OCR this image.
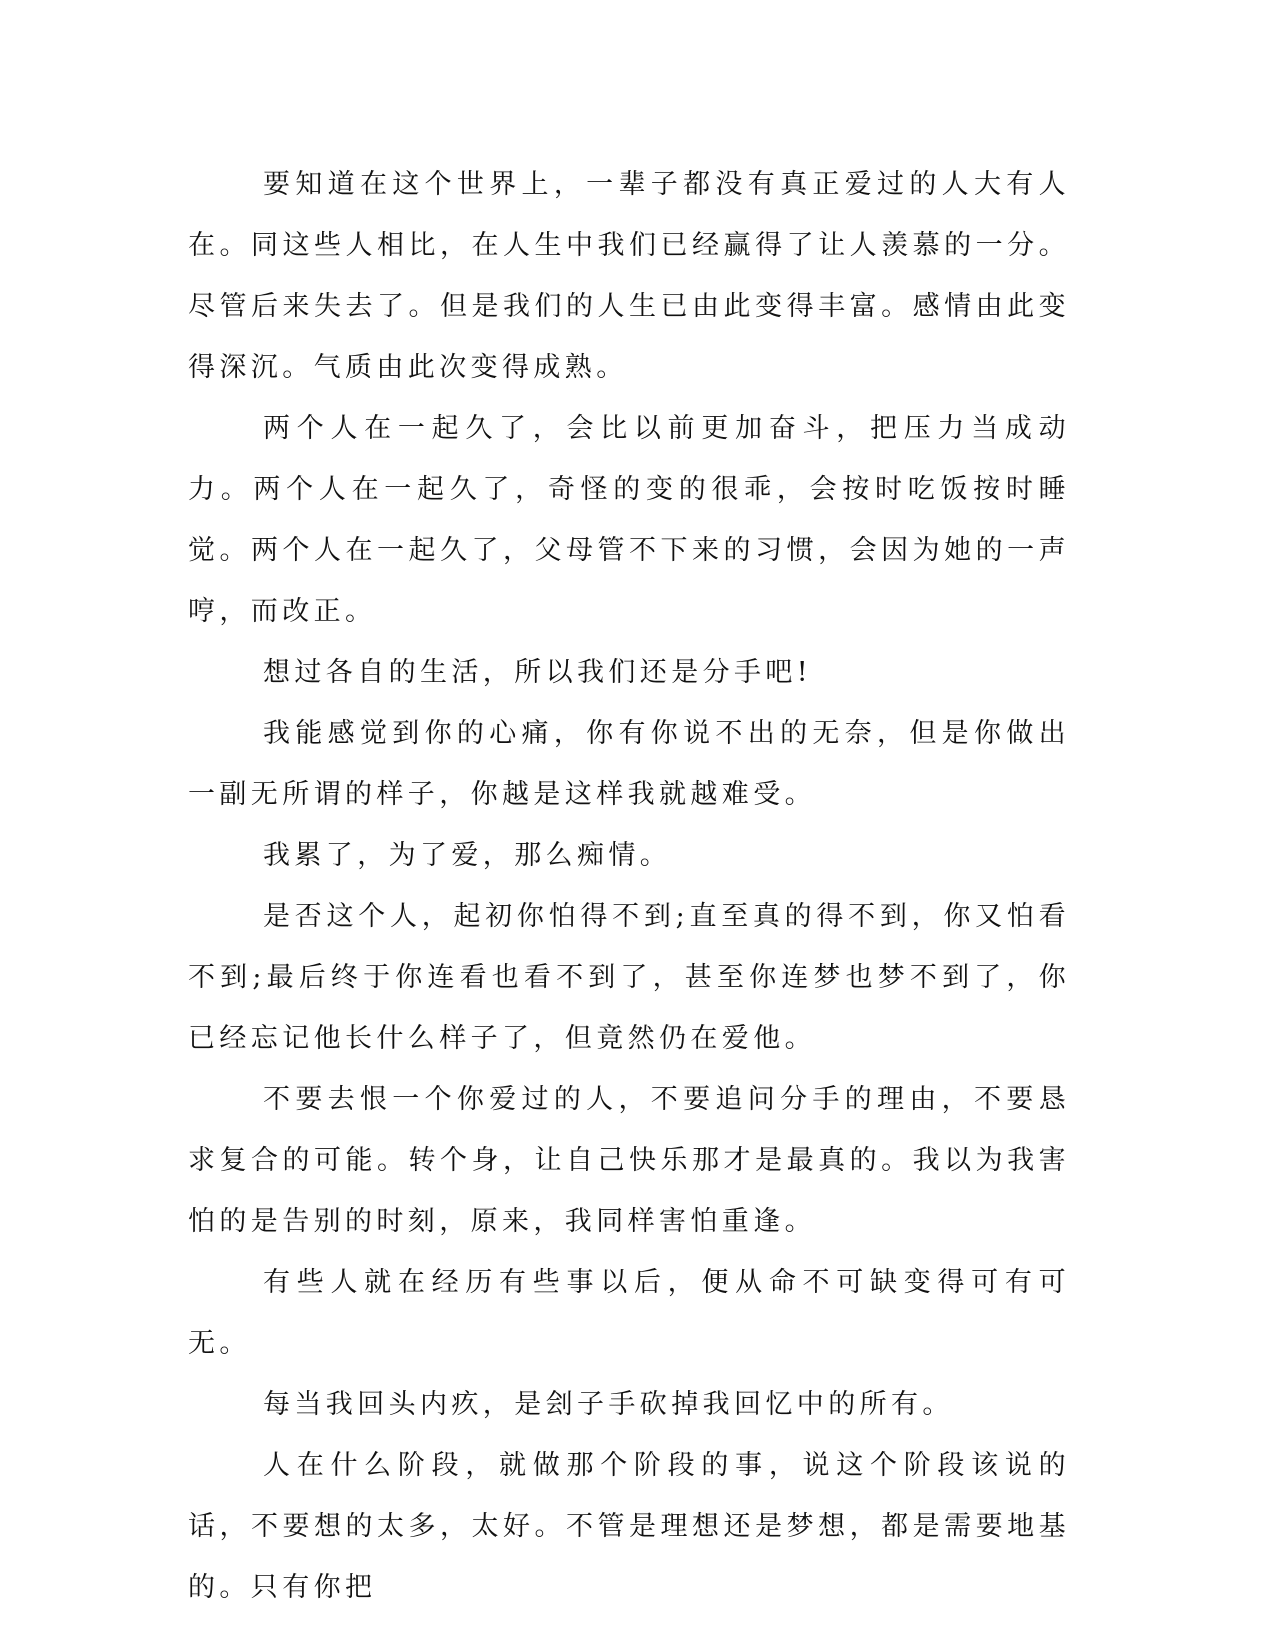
要知道在这个世界上，一辈子都没有真正爱过的人大有人在。同这些人相比，在人生中我们已经赢得了让人羡慕的一分。尽管后来失去了。但是我们的人生已由此变得丰富。感情由此变得深沉。气质由此次变得成熟。

两个人在一起久了，会比以前更加奋斗，把压力当成动力。两个人在一起久了，奇怪的变的很乖，会按时吃饭按时睡觉。两个人在一起久了，父母管不下来的习惯，会因为她的一声哼，而改正。

想过各自的生活，所以我们还是分手吧!

我能感觉到你的心痛，你有你说不出的无奈，但是你做出一副无所谓的样子，你越是这样我就越难受。

我累了，为了爱，那么痴情。

是否这个人，起初你怕得不到;直至真的得不到，你又怕看不到;最后终于你连看也看不到了，甚至你连梦也梦不到了，你已经忘记他长什么样子了，但竟然仍在爱他。

不要去恨一个你爱过的人，不要追问分手的理由，不要恳求复合的可能。转个身，让自己快乐那才是最真的。我以为我害怕的是告别的时刻，原来，我同样害怕重逢。

有些人就在经历有些事以后，便从命不可缺变得可有可无。

每当我回头内疚，是刽子手砍掉我回忆中的所有。

人在什么阶段，就做那个阶段的事，说这个阶段该说的话，不要想的太多，太好。不管是理想还是梦想，都是需要地基的。只有你把
